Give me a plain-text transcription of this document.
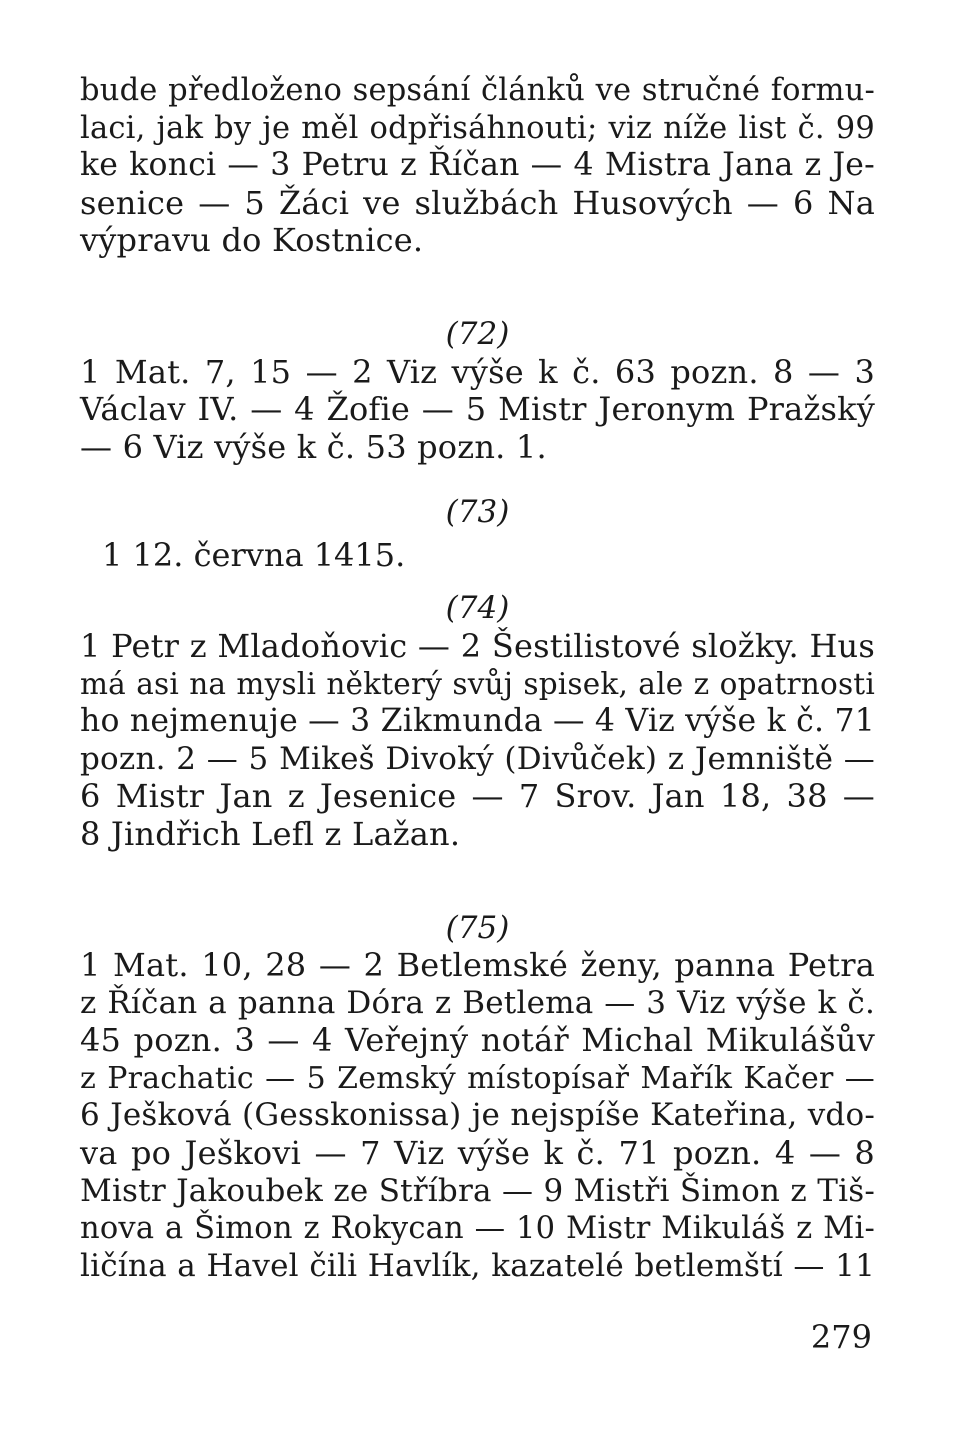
bude předloženo sepsání článků ve stručné formu-
laci, jak by je měl odpřisáhnouti; viz níže list č. 99
ke konci — 3 Petru z Říčan — 4 Mistra Jana z Je-
senice — 5 Žáci ve službách Husových — 6 Na
výpravu do Kostnice.
(72)
1 Mat. 7, 15 — 2 Viz výše k č. 63 pozn. 8 — 3
Václav IV. — 4 Žofie — 5 Mistr Jeronym Pražský
— 6 Viz výše k č. 53 pozn. 1.
(73)
1 12. června 1415.
(74)
1 Petr z Mladoňovic — 2 Šestilistové složky. Hus
má asi na mysli některý svůj spisek, ale z opatrnosti
ho nejmenuje — 3 Zikmunda — 4 Viz výše k č. 71
pozn. 2 — 5 Mikeš Divoký (Divůček) z Jemniště —
6 Mistr Jan z Jesenice — 7 Srov. Jan 18, 38 —
8 Jindřich Lefl z Lažan.
(75)
1 Mat. 10, 28 — 2 Betlemské ženy, panna Petra
z Říčan a panna Dóra z Betlema — 3 Viz výše k č.
45 pozn. 3 — 4 Veřejný notář Michal Mikulášův
z Prachatic — 5 Zemský místopísař Mařík Kačer —
6 Ješková (Gesskonissa) je nejspíše Kateřina, vdo-
va po Ješkovi — 7 Viz výše k č. 71 pozn. 4 — 8
Mistr Jakoubek ze Stříbra — 9 Mistři Šimon z Tiš-
nova a Šimon z Rokycan — 10 Mistr Mikuláš z Mi-
ličína a Havel čili Havlík, kazatelé betlemští — 11
279
